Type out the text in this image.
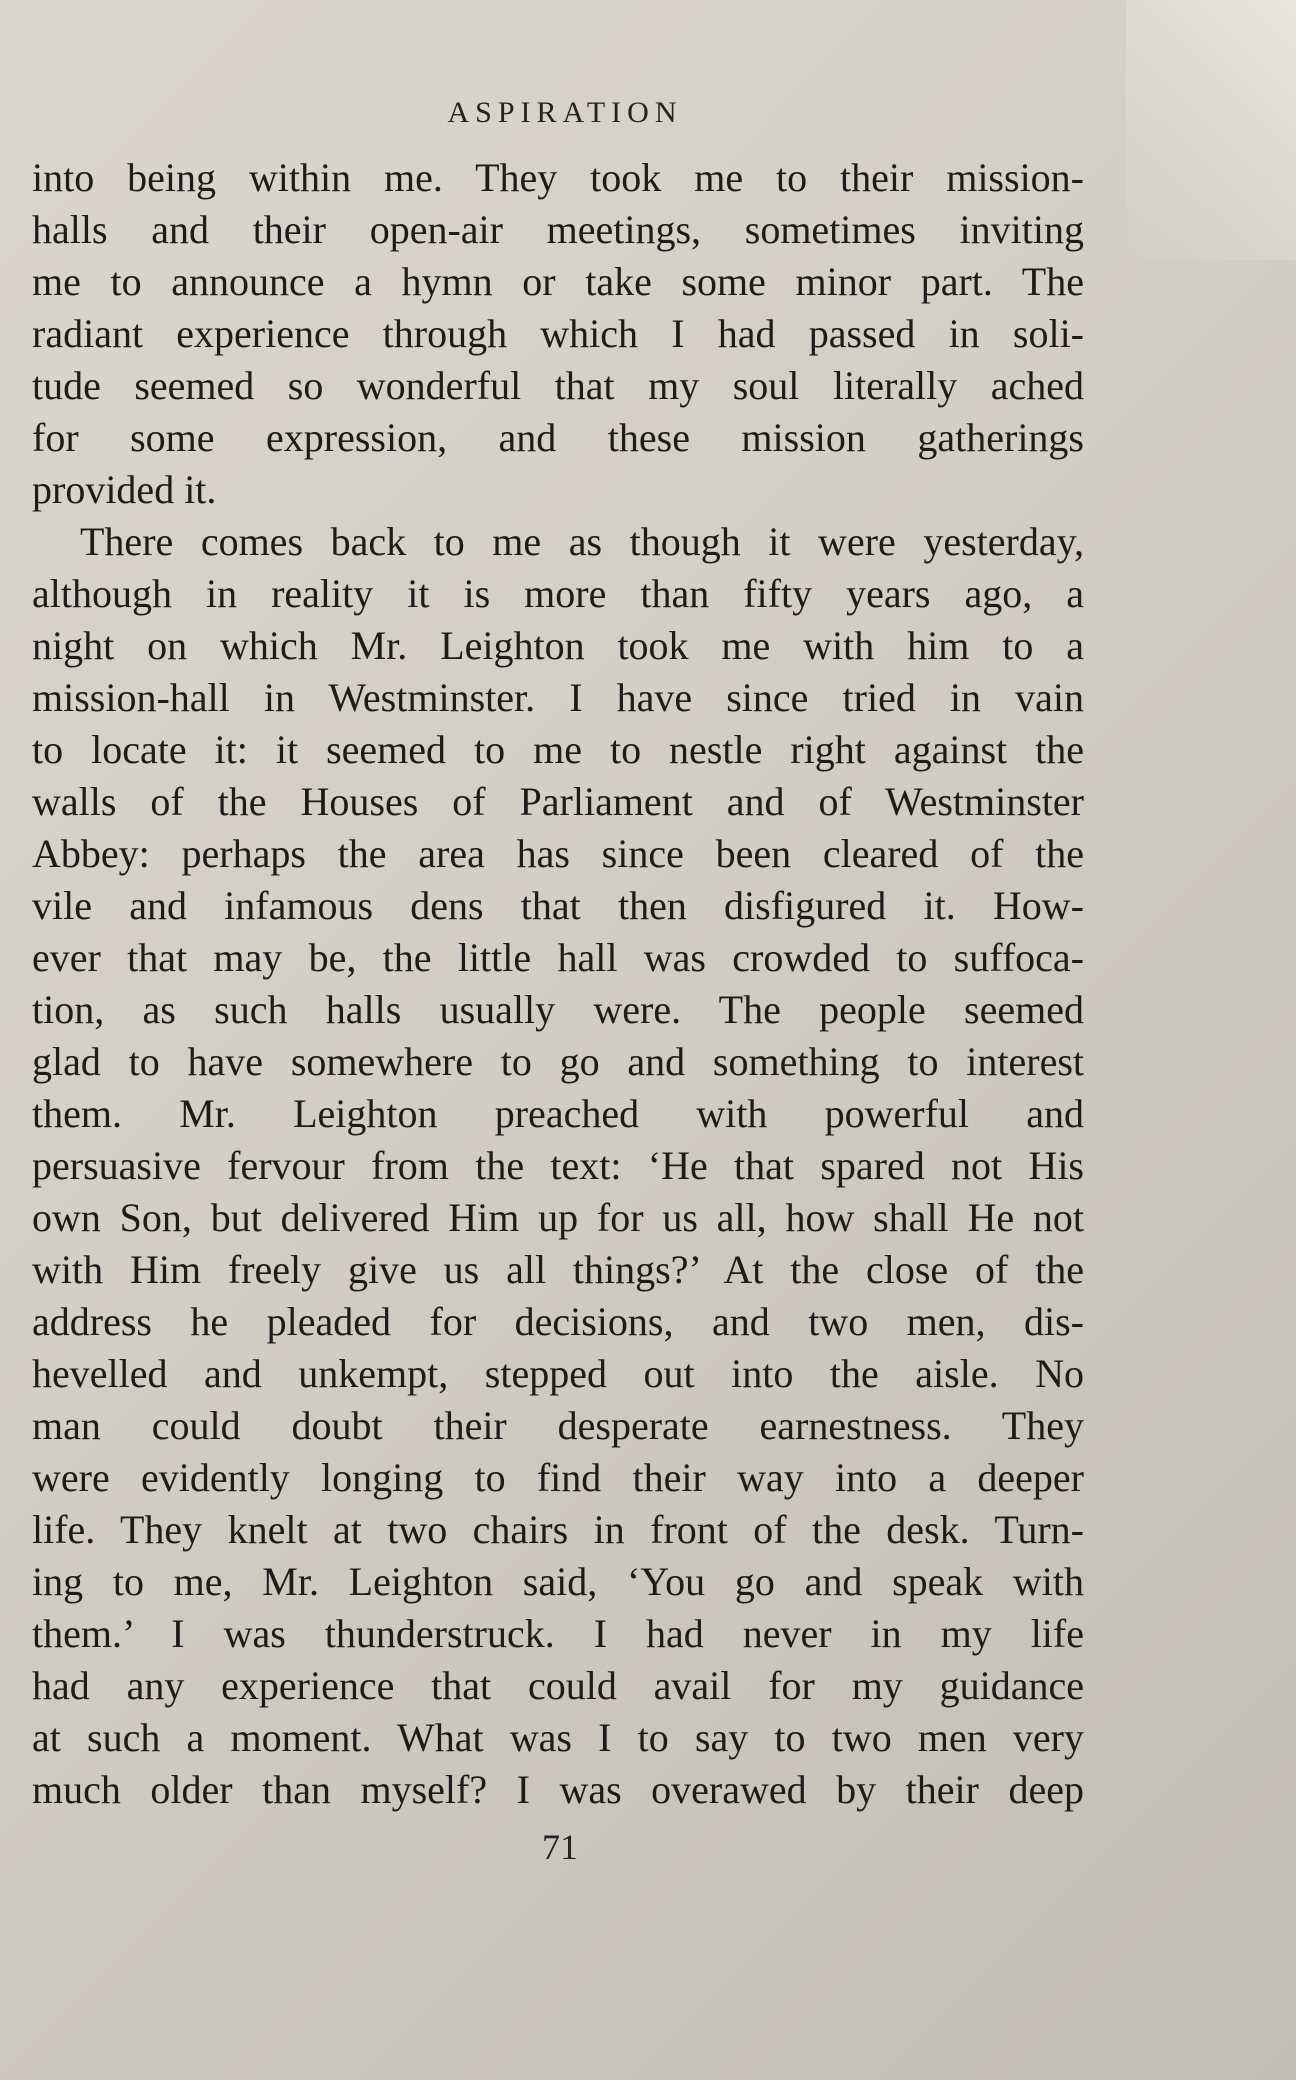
ASPIRATION
into being within me. They took me to their mission-
halls and their open-air meetings, sometimes inviting
me to announce a hymn or take some minor part. The
radiant experience through which I had passed in soli-
tude seemed so wonderful that my soul literally ached
for some expression, and these mission gatherings
provided it.
There comes back to me as though it were yesterday,
although in reality it is more than fifty years ago, a
night on which Mr. Leighton took me with him to a
mission-hall in Westminster. I have since tried in vain
to locate it: it seemed to me to nestle right against the
walls of the Houses of Parliament and of Westminster
Abbey: perhaps the area has since been cleared of the
vile and infamous dens that then disfigured it. How-
ever that may be, the little hall was crowded to suffoca-
tion, as such halls usually were. The people seemed
glad to have somewhere to go and something to interest
them. Mr. Leighton preached with powerful and
persuasive fervour from the text: ‘He that spared not His
own Son, but delivered Him up for us all, how shall He not
with Him freely give us all things?’ At the close of the
address he pleaded for decisions, and two men, dis-
hevelled and unkempt, stepped out into the aisle. No
man could doubt their desperate earnestness. They
were evidently longing to find their way into a deeper
life. They knelt at two chairs in front of the desk. Turn-
ing to me, Mr. Leighton said, ‘You go and speak with
them.’ I was thunderstruck. I had never in my life
had any experience that could avail for my guidance
at such a moment. What was I to say to two men very
much older than myself? I was overawed by their deep
71
